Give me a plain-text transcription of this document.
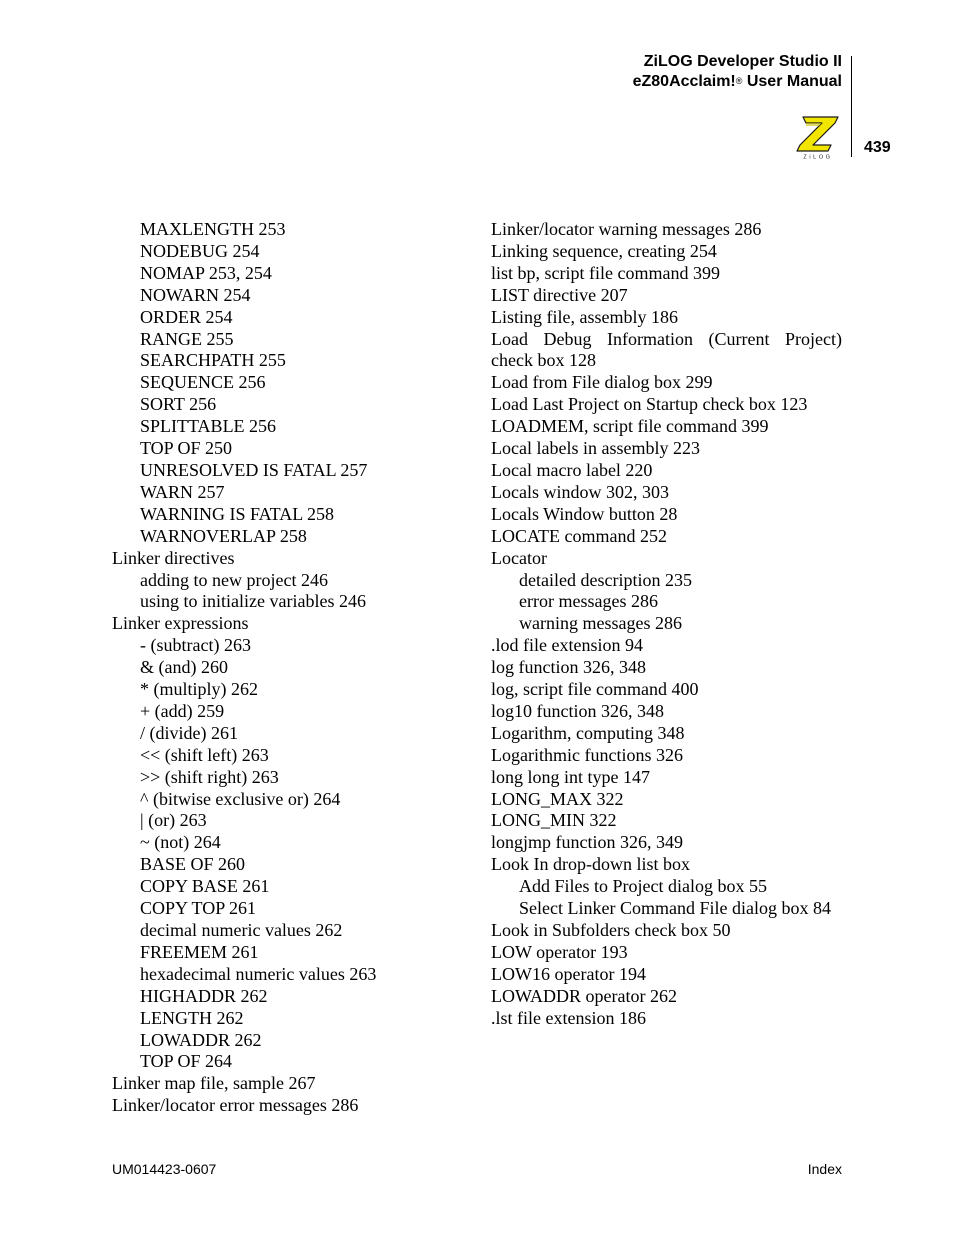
ZiLOG Developer Studio II
eZ80Acclaim!® User Manual
ZiLOG
439
MAXLENGTH 253
NODEBUG 254
NOMAP 253, 254
NOWARN 254
ORDER 254
RANGE 255
SEARCHPATH 255
SEQUENCE 256
SORT 256
SPLITTABLE 256
TOP OF 250
UNRESOLVED IS FATAL 257
WARN 257
WARNING IS FATAL 258
WARNOVERLAP 258
Linker directives
adding to new project 246
using to initialize variables 246
Linker expressions
- (subtract) 263
& (and) 260
* (multiply) 262
+ (add) 259
/ (divide) 261
<< (shift left) 263
>> (shift right) 263
^ (bitwise exclusive or) 264
| (or) 263
~ (not) 264
BASE OF 260
COPY BASE 261
COPY TOP 261
decimal numeric values 262
FREEMEM 261
hexadecimal numeric values 263
HIGHADDR 262
LENGTH 262
LOWADDR 262
TOP OF 264
Linker map file, sample 267
Linker/locator error messages 286
Linker/locator warning messages 286
Linking sequence, creating 254
list bp, script file command 399
LIST directive 207
Listing file, assembly 186
Load Debug Information (Current Project)
check box 128
Load from File dialog box 299
Load Last Project on Startup check box 123
LOADMEM, script file command 399
Local labels in assembly 223
Local macro label 220
Locals window 302, 303
Locals Window button 28
LOCATE command 252
Locator
detailed description 235
error messages 286
warning messages 286
.lod file extension 94
log function 326, 348
log, script file command 400
log10 function 326, 348
Logarithm, computing 348
Logarithmic functions 326
long long int type 147
LONG_MAX 322
LONG_MIN 322
longjmp function 326, 349
Look In drop-down list box
Add Files to Project dialog box 55
Select Linker Command File dialog box 84
Look in Subfolders check box 50
LOW operator 193
LOW16 operator 194
LOWADDR operator 262
.lst file extension 186
UM014423-0607	Index
